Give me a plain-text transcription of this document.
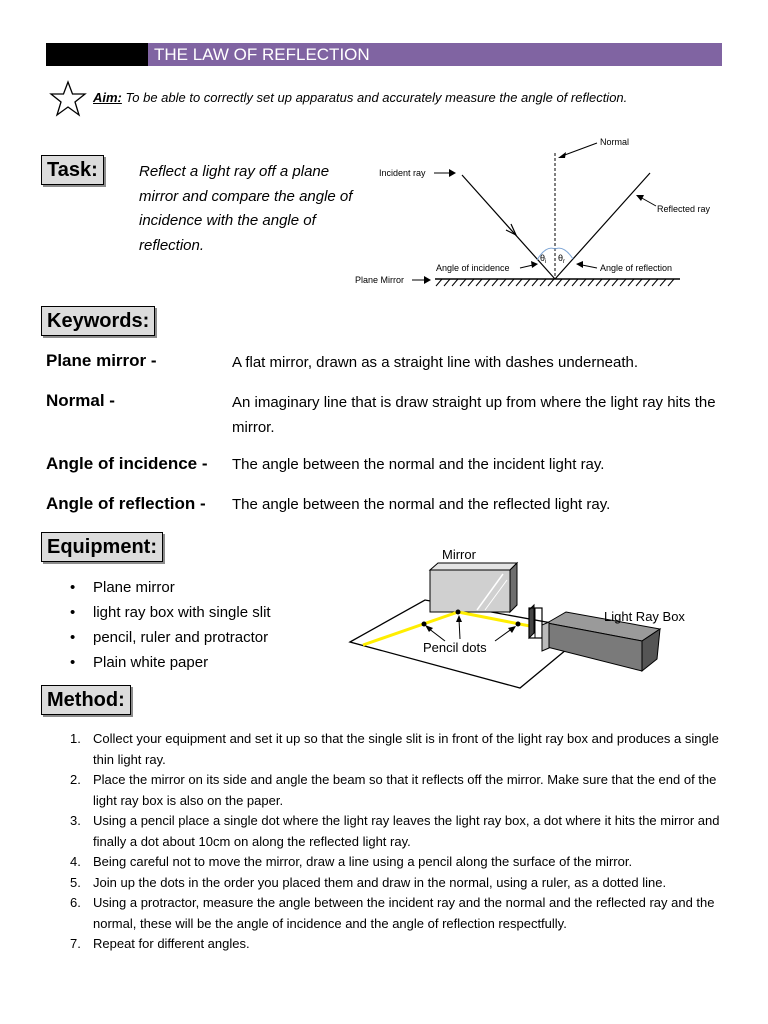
THE LAW OF REFLECTION
Aim: To be able to correctly set up apparatus and accurately measure the angle of reflection.
Task:	Reflect a light ray off a plane mirror and compare the angle of incidence with the angle of reflection.
$\theta_i$ $\theta_r$
Normal
Incident ray
Reflected ray
Angle of incidence	Angle of reflection
Plane Mirror
Keywords:
Plane mirror -	A flat mirror, drawn as a straight line with dashes underneath.
Normal -	An imaginary line that is draw straight up from where the light ray hits the mirror.
Angle of incidence - The angle between the normal and the incident light ray.
Angle of reflection - The angle between the normal and the reflected light ray.
Equipment:
• Plane mirror
• light ray box with single slit
• pencil, ruler and protractor
• Plain white paper
Mirror
Light Ray Box
Pencil dots
Method:
1. Collect your equipment and set it up so that the single slit is in front of the light ray box and produces a single thin light ray.
2. Place the mirror on its side and angle the beam so that it reflects off the mirror. Make sure that the end of the light ray box is also on the paper.
3. Using a pencil place a single dot where the light ray leaves the light ray box, a dot where it hits the mirror and finally a dot about 10cm on along the reflected light ray.
4. Being careful not to move the mirror, draw a line using a pencil along the surface of the mirror.
5. Join up the dots in the order you placed them and draw in the normal, using a ruler, as a dotted line.
6. Using a protractor, measure the angle between the incident ray and the normal and the reflected ray and the normal, these will be the angle of incidence and the angle of reflection respectfully.
7. Repeat for different angles.
